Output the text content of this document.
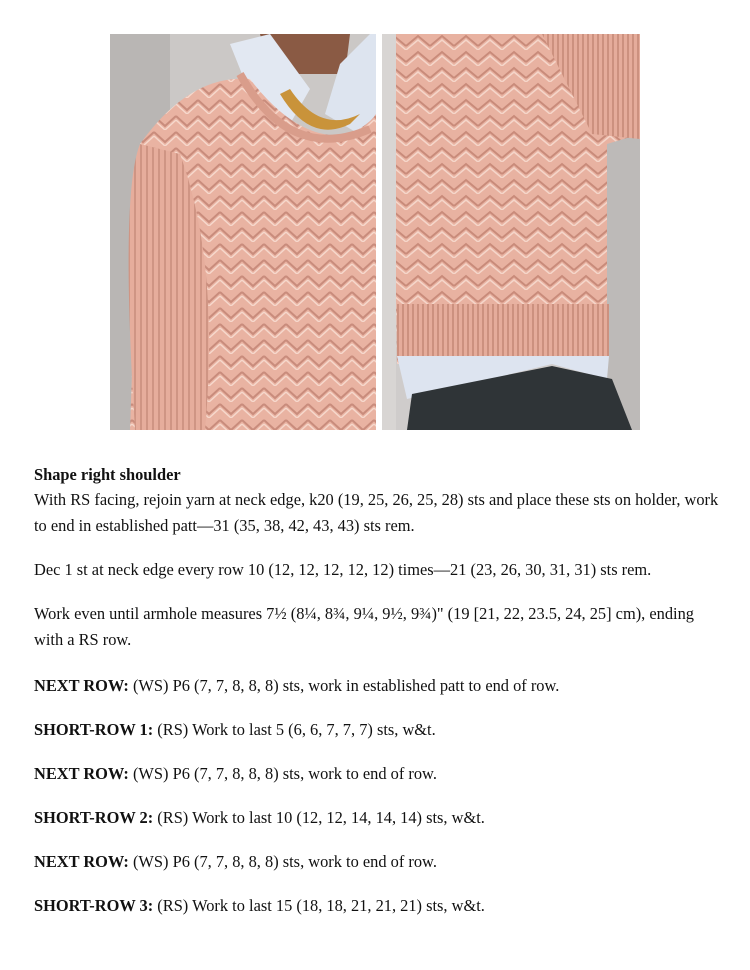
Shape right shoulder

With RS facing, rejoin yarn at neck edge, k20 (19, 25, 26, 25, 28) sts and place these sts on holder, work to end in established patt—31 (35, 38, 42, 43, 43) sts rem.

Dec 1 st at neck edge every row 10 (12, 12, 12, 12, 12) times—21 (23, 26, 30, 31, 31) sts rem.

Work even until armhole measures 7½ (8¼, 8¾, 9¼, 9½, 9¾)" (19 [21, 22, 23.5, 24, 25] cm), ending with a RS row.

NEXT ROW: (WS) P6 (7, 7, 8, 8, 8) sts, work in established patt to end of row.

SHORT-ROW 1: (RS) Work to last 5 (6, 6, 7, 7, 7) sts, w&t.

NEXT ROW: (WS) P6 (7, 7, 8, 8, 8) sts, work to end of row.

SHORT-ROW 2: (RS) Work to last 10 (12, 12, 14, 14, 14) sts, w&t.

NEXT ROW: (WS) P6 (7, 7, 8, 8, 8) sts, work to end of row.

SHORT-ROW 3: (RS) Work to last 15 (18, 18, 21, 21, 21) sts, w&t.
